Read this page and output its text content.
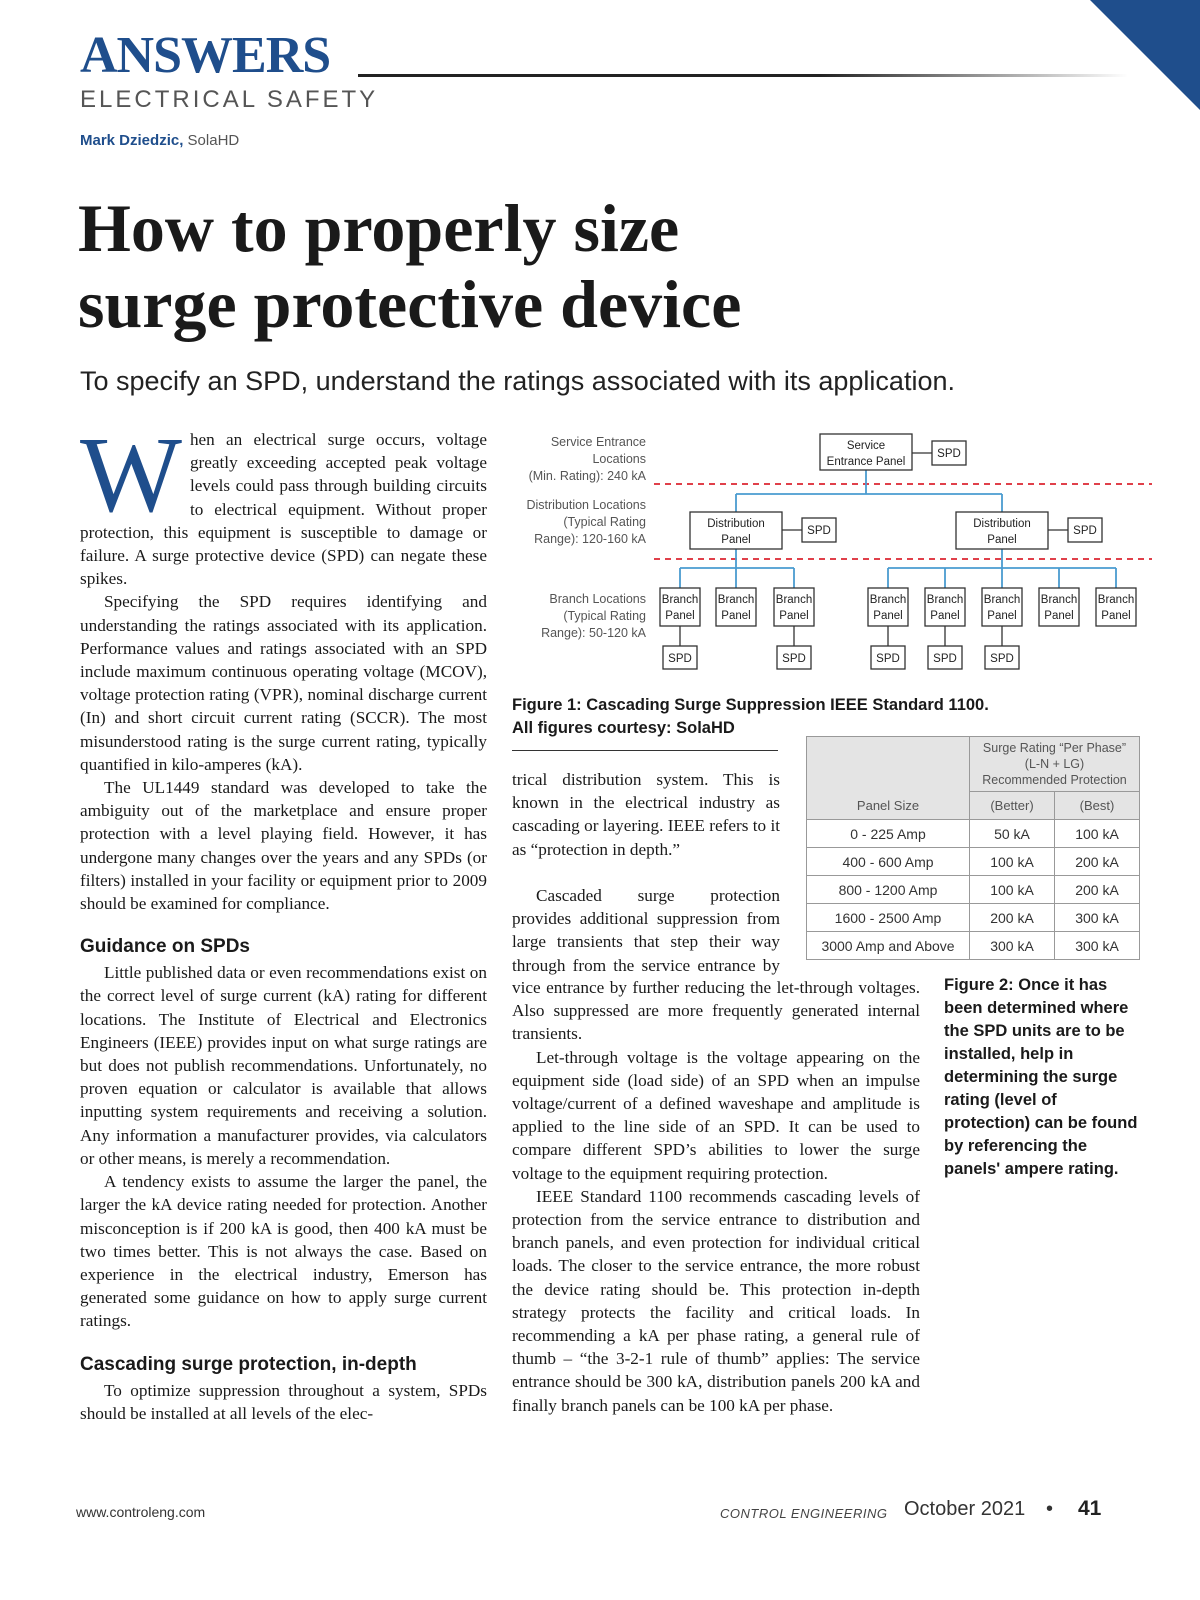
ANSWERS
ELECTRICAL SAFETY
Mark Dziedzic, SolaHD
How to properly size
surge protective device
To specify an SPD, understand the ratings associated with its application.

When an electrical surge occurs, voltage greatly exceeding accepted peak voltage levels could pass through building circuits to electrical equipment. Without proper protection, this equipment is susceptible to damage or failure. A surge protective device (SPD) can negate these spikes.

Specifying the SPD requires identifying and understanding the ratings associated with its application. Performance values and ratings associated with an SPD include maximum continuous operating voltage (MCOV), voltage protection rating (VPR), nominal discharge current (In) and short circuit current rating (SCCR). The most misunderstood rating is the surge current rating, typically quantified in kilo-amperes (kA).

The UL1449 standard was developed to take the ambiguity out of the marketplace and ensure proper protection with a level playing field. However, it has undergone many changes over the years and any SPDs (or filters) installed in your facility or equipment prior to 2009 should be examined for compliance.

Guidance on SPDs

Little published data or even recommendations exist on the correct level of surge current (kA) rating for different locations. The Institute of Electrical and Electronics Engineers (IEEE) provides input on what surge ratings are but does not publish recommendations. Unfortunately, no proven equation or calculator is available that allows inputting system requirements and receiving a solution. Any information a manufacturer provides, via calculators or other means, is merely a recommendation.

A tendency exists to assume the larger the panel, the larger the kA device rating needed for protection. Another misconception is if 200 kA is good, then 400 kA must be two times better. This is not always the case. Based on experience in the electrical industry, Emerson has generated some guidance on how to apply surge current ratings.

Cascading surge protection, in-depth

To optimize suppression throughout a system, SPDs should be installed at all levels of the elec-

Service Entrance
Locations
(Min. Rating): 240 kA
Distribution Locations
(Typical Rating
Range): 120-160 kA
Branch Locations
(Typical Rating
Range): 50-120 kA
Service
Entrance Panel
SPD
Distribution
Panel
SPD
Distribution
Panel
SPD
Branch
Panel
Branch
Panel
Branch
Panel
Branch
Panel
Branch
Panel
Branch
Panel
Branch
Panel
Branch
Panel
SPD	SPD	SPD	SPD	SPD
Figure 1: Cascading Surge Suppression IEEE Standard 1100.
All figures courtesy: SolaHD

	Surge Rating “Per Phase”
(L-N + LG)
Recommended Protection	

Panel Size	(Better)	(Best)
0 - 225 Amp	50 kA	100 kA
400 - 600 Amp	100 kA	200 kA
800 - 1200 Amp	100 kA	200 kA
1600 - 2500 Amp	200 kA	300 kA
3000 Amp and Above	300 kA	300 kA

trical distribution system. This is known in the electrical industry as cascading or layering. IEEE refers to it as “protection in depth.”

Cascaded surge protection provides additional suppression from large transients that step their way through from the service entrance by

vice entrance by further reducing the let-through voltages. Also suppressed are more frequently generated internal transients.

Let-through voltage is the voltage appearing on the equipment side (load side) of an SPD when an impulse voltage/current of a defined waveshape and amplitude is applied to the line side of an SPD. It can be used to compare different SPD’s abilities to lower the surge voltage to the equipment requiring protection.

IEEE Standard 1100 recommends cascading levels of protection from the service entrance to distribution and branch panels, and even protection for individual critical loads. The closer to the service entrance, the more robust the device rating should be. This protection in-depth strategy protects the facility and critical loads. In recommending a kA per phase rating, a general rule of thumb – “the 3-2-1 rule of thumb” applies: The service entrance should be 300 kA, distribution panels 200 kA and finally branch panels can be 100 kA per phase.

Figure 2: Once it has been determined where the SPD units are to be installed, help in determining the surge rating (level of protection) can be found by referencing the panels' ampere rating.
www.controleng.com	CONTROL ENGINEERING October 2021 • 41
